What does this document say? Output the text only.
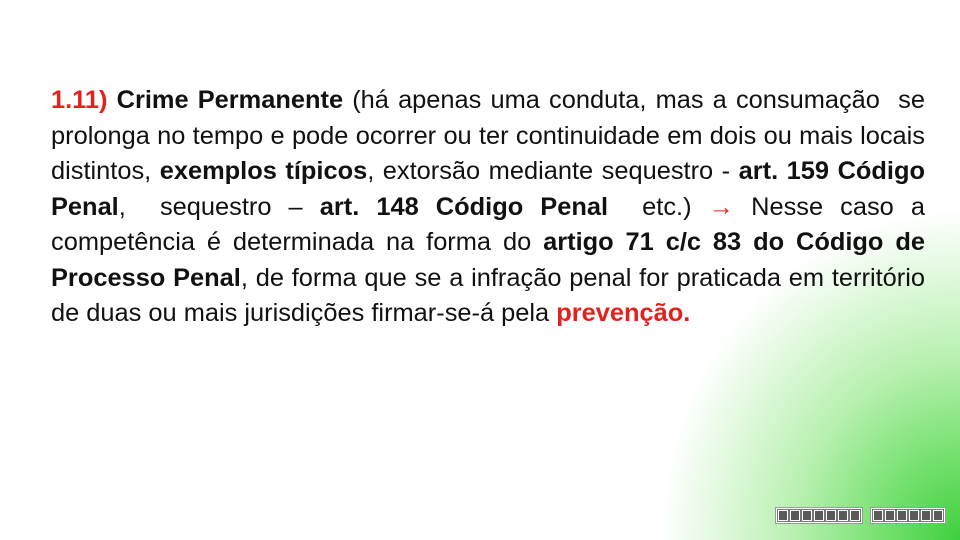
1.11) Crime Permanente (há apenas uma conduta, mas a consumação  se prolonga no tempo e pode ocorrer ou ter continuidade em dois ou mais locais distintos, exemplos típicos, extorsão mediante sequestro - art. 159 Código Penal,  sequestro – art. 148 Código Penal  etc.) → Nesse caso a competência é determinada na forma do artigo 71 c/c 83 do Código de Processo Penal, de forma que se a infração penal for praticada em território de duas ou mais jurisdições firmar-se-á pela prevenção.
